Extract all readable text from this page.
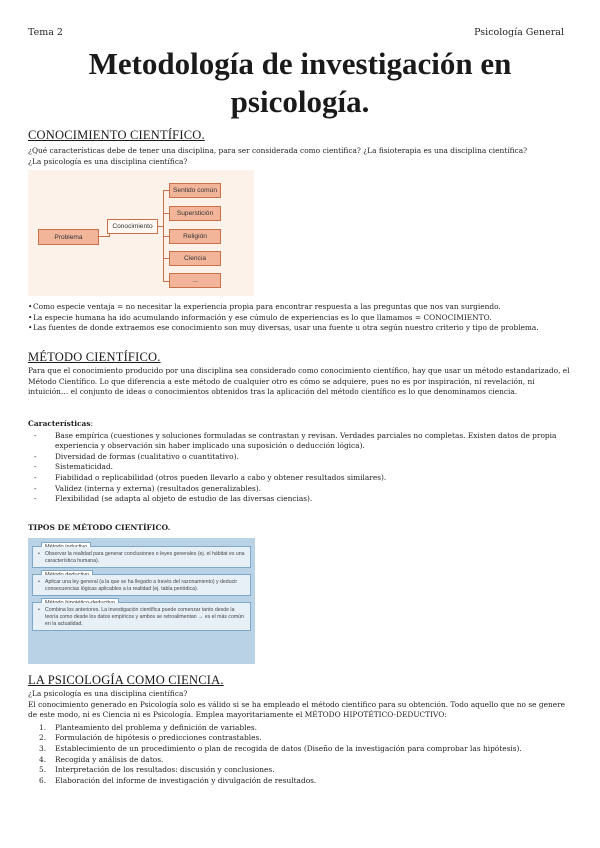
Tema 2	Psicología General
Metodología de investigación en
psicología.
CONOCIMIENTO CIENTÍFICO.
¿Qué características debe de tener una disciplina, para ser considerada como científica? ¿La fisioterapia es una disciplina científica?
¿La psicología es una disciplina científica?
Problema
Conocimiento
Sentido común
Superstición
Religión
Ciencia
...
• Como especie ventaja = no necesitar la experiencia propia para encontrar respuesta a las preguntas que nos van surgiendo.
• La especie humana ha ido acumulando información y ese cúmulo de experiencias es lo que llamamos = CONOCIMIENTO.
• Las fuentes de donde extraemos ese conocimiento son muy diversas, usar una fuente u otra según nuestro criterio y tipo de problema.
MÉTODO CIENTÍFICO.
Para que el conocimiento producido por una disciplina sea considerado como conocimiento científico, hay que usar un método estandarizado, el Método Científico. Lo que diferencia a este método de cualquier otro es cómo se adquiere, pues no es por inspiración, ni revelación, ni intuición… el conjunto de ideas o conocimientos obtenidos tras la aplicación del método científico es lo que denominamos ciencia.
Características:
- Base empírica (cuestiones y soluciones formuladas se contrastan y revisan. Verdades parciales no completas. Existen datos de propia experiencia y observación sin haber implicado una suposición o deducción lógica).
- Diversidad de formas (cualitativo o cuantitativo).
- Sistematicidad.
- Fiabilidad o replicabilidad (otros pueden llevarlo a cabo y obtener resultados similares).
- Validez (interna y externa) (resultados generalizables).
- Flexibilidad (se adapta al objeto de estudio de las diversas ciencias).
TIPOS DE MÉTODO CIENTÍFICO.
• Observar la realidad para generar conclusiones o leyes generales (ej. el hábitat es una característica humana).
• Aplicar una ley general (a la que se ha llegado a través del razonamiento) y deducir consecuencias lógicas aplicables a la realidad (ej. tabla periódica).
• Combina los anteriores. La investigación científica puede comenzar tanto desde la teoría como desde los datos empíricos y ambos se retroalimentan → es el más común en la actualidad.
LA PSICOLOGÍA COMO CIENCIA.
¿La psicología es una disciplina científica?
El conocimiento generado en Psicología solo es válido si se ha empleado el método científico para su obtención. Todo aquello que no se genere de este modo, ni es Ciencia ni es Psicología. Emplea mayoritariamente el MÉTODO HIPOTÉTICO-DEDUCTIVO:
1. Planteamiento del problema y definición de variables.
2. Formulación de hipótesis o predicciones contrastables.
3. Establecimiento de un procedimiento o plan de recogida de datos (Diseño de la investigación para comprobar las hipótesis).
4. Recogida y análisis de datos.
5. Interpretación de los resultados: discusión y conclusiones.
6. Elaboración del informe de investigación y divulgación de resultados.
